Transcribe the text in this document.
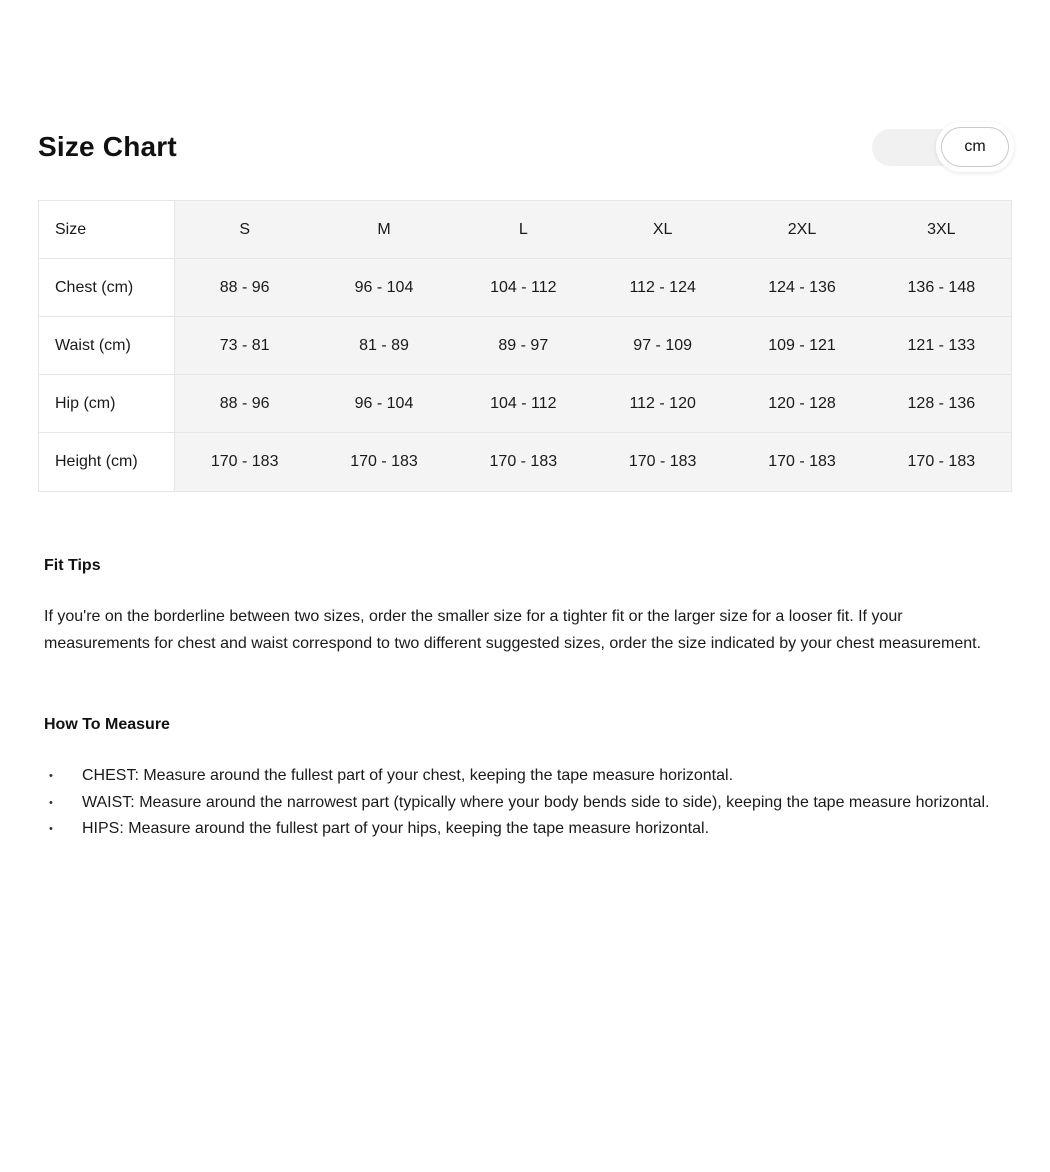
Size Chart	cm
Size	S	M	L	XL	2XL	3XL
Chest (cm)	88 - 96	96 - 104	104 - 112	112 - 124	124 - 136	136 - 148
Waist (cm)	73 - 81	81 - 89	89 - 97	97 - 109	109 - 121	121 - 133
Hip (cm)	88 - 96	96 - 104	104 - 112	112 - 120	120 - 128	128 - 136
Height (cm)	170 - 183	170 - 183	170 - 183	170 - 183	170 - 183	170 - 183
Fit Tips

If you're on the borderline between two sizes, order the smaller size for a tighter fit or the larger size for a looser fit. If your measurements for chest and waist correspond to two different suggested sizes, order the size indicated by your chest measurement.

How To Measure
•	CHEST: Measure around the fullest part of your chest, keeping the tape measure horizontal.
•	WAIST: Measure around the narrowest part (typically where your body bends side to side), keeping the tape measure horizontal.
•	HIPS: Measure around the fullest part of your hips, keeping the tape measure horizontal.
